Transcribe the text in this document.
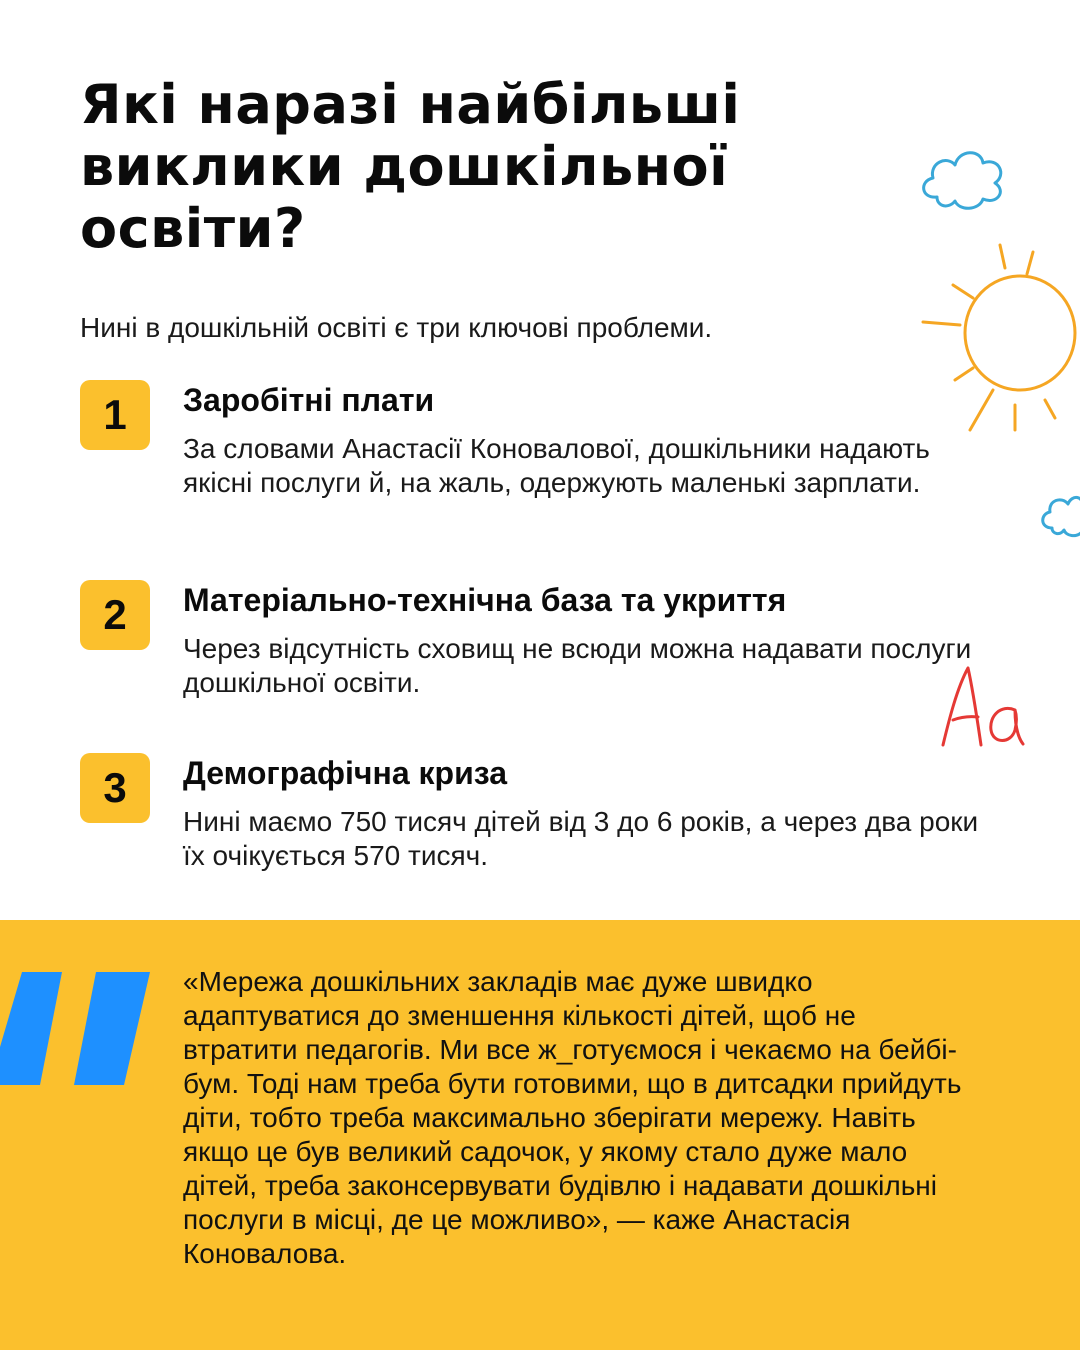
Які наразі найбільші
виклики дошкільної
освіти?

Нині в дошкільній освіті є три ключові проблеми.

1	Заробітні плати
За словами Анастасії Коновалової, дошкільники надають якісні послуги й, на жаль, одержують маленькі зарплати.
2	Матеріально-технічна база та укриття
Через відсутність сховищ не всюди можна надавати послуги дошкільної освіти.
3	Демографічна криза
Нині маємо 750 тисяч дітей від 3 до 6 років, а через два роки їх очікується 570 тисяч.

«Мережа дошкільних закладів має дуже швидко адаптуватися до зменшення кількості дітей, щоб не втратити педагогів. Ми все ж_готуємося і чекаємо на бейбі-бум. Тоді нам треба бути готовими, що в дитсадки прийдуть діти, тобто треба максимально зберігати мережу. Навіть якщо це був великий садочок, у якому стало дуже мало дітей, треба законсервувати будівлю і надавати дошкільні послуги в місці, де це можливо», — каже Анастасія Коновалова.
